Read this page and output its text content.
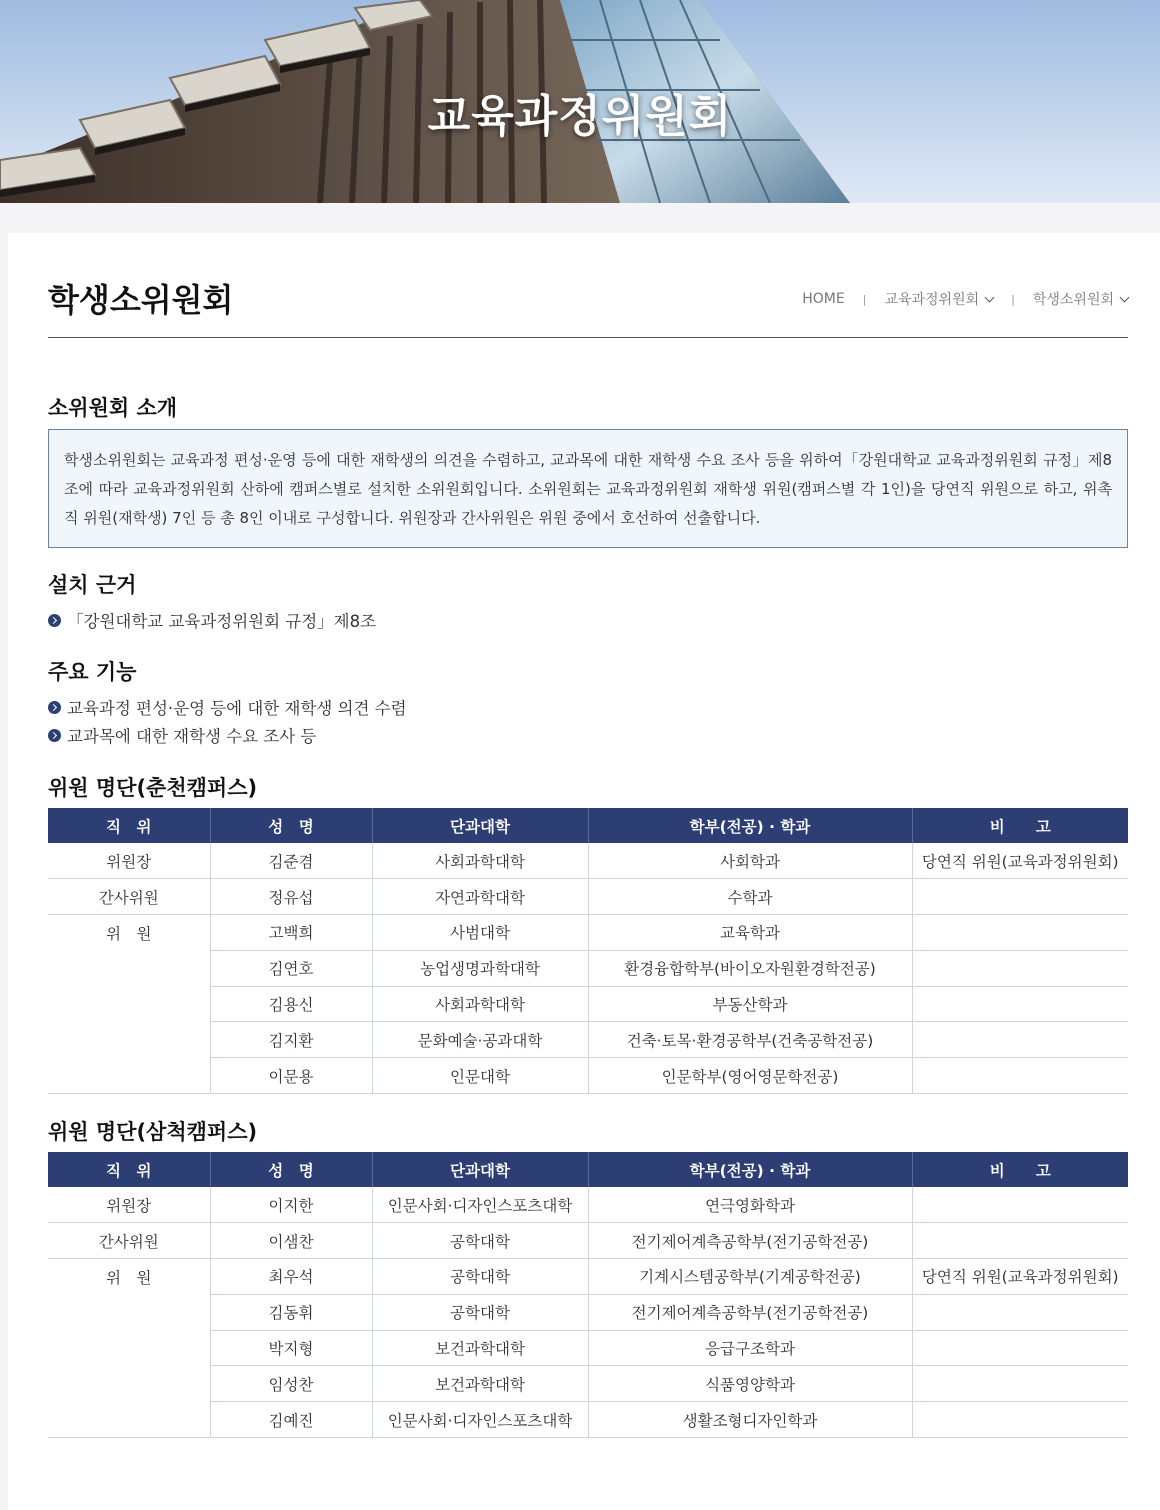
교육과정위원회
학생소위원회	HOME | 교육과정위원회	| 학생소위원회
소위원회 소개

학생소위원회는 교육과정 편성·운영 등에 대한 재학생의 의견을 수렴하고, 교과목에 대한 재학생 수요 조사 등을 위하여「강원대학교 교육과정위원회 규정」제8조에 따라 교육과정위원회 산하에 캠퍼스별로 설치한 소위원회입니다. 소위원회는 교육과정위원회 재학생 위원(캠퍼스별 각 1인)을 당연직 위원으로 하고, 위촉직 위원(재학생) 7인 등 총 8인 이내로 구성합니다. 위원장과 간사위원은 위원 중에서 호선하여 선출합니다.

설치 근거
「강원대학교 교육과정위원회 규정」제8조
주요 기능
교육과정 편성·운영 등에 대한 재학생 의견 수렴
교과목에 대한 재학생 수요 조사 등
위원 명단(춘천캠퍼스)
직　위	성　명	단과대학	학부(전공) · 학과	비　　고
위원장	김준겸	사회과학대학	사회학과	당연직 위원(교육과정위원회)
간사위원	정유섭	자연과학대학	수학과	
위　원	고백희	사범대학	교육학과	
	김연호	농업생명과학대학	환경융합학부(바이오자원환경학전공)	
	김용신	사회과학대학	부동산학과	
	김지환	문화예술·공과대학	건축·토목·환경공학부(건축공학전공)	
	이문용	인문대학	인문학부(영어영문학전공)	
위원 명단(삼척캠퍼스)
직　위	성　명	단과대학	학부(전공) · 학과	비　　고
위원장	이지한	인문사회·디자인스포츠대학	연극영화학과	
간사위원	이샘찬	공학대학	전기제어계측공학부(전기공학전공)	
위　원	최우석	공학대학	기계시스템공학부(기계공학전공)	당연직 위원(교육과정위원회)
	김동휘	공학대학	전기제어계측공학부(전기공학전공)	
	박지형	보건과학대학	응급구조학과	
	임성찬	보건과학대학	식품영양학과	
	김예진	인문사회·디자인스포츠대학	생활조형디자인학과	
